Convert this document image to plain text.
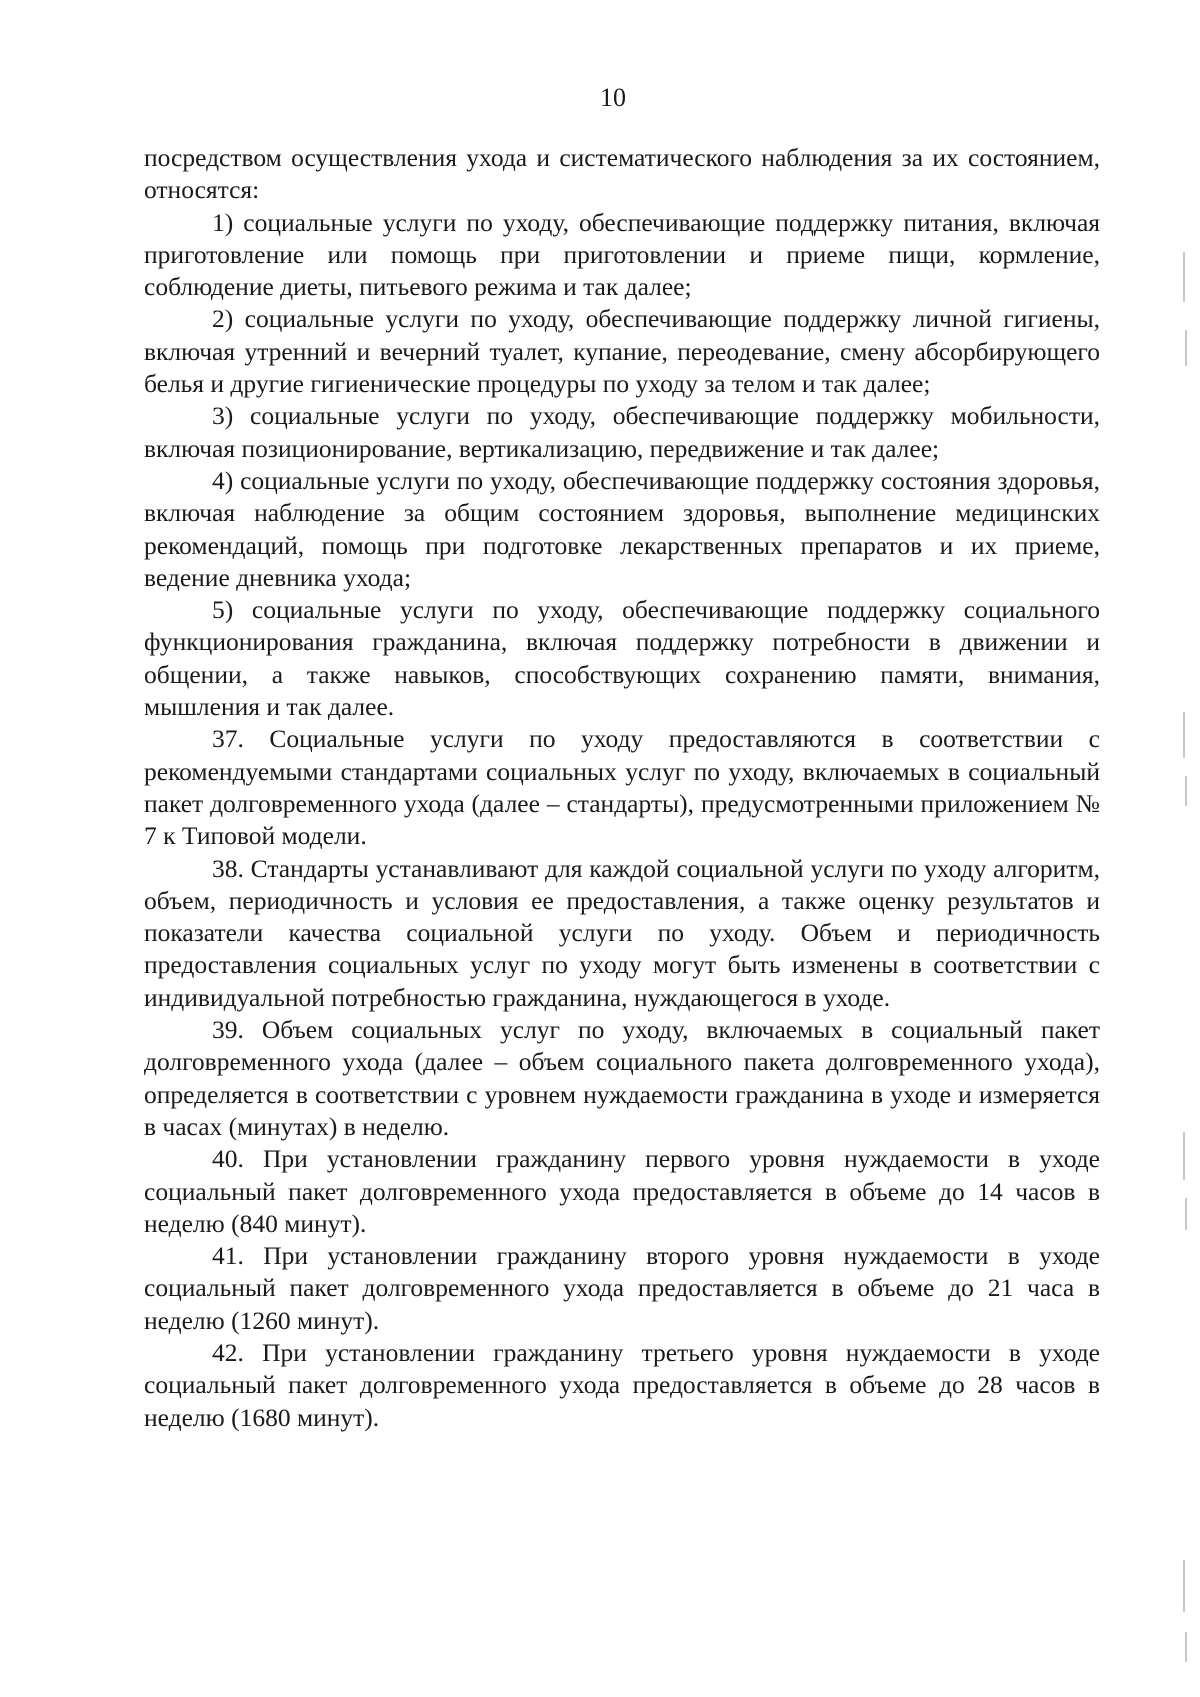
10

посредством осуществления ухода и систематического наблюдения за их состоянием, относятся:

1) социальные услуги по уходу, обеспечивающие поддержку питания, включая приготовление или помощь при приготовлении и приеме пищи, кормление, соблюдение диеты, питьевого режима и так далее;

2) социальные услуги по уходу, обеспечивающие поддержку личной гигиены, включая утренний и вечерний туалет, купание, переодевание, смену абсорбирующего белья и другие гигиенические процедуры по уходу за телом и так далее;

3) социальные услуги по уходу, обеспечивающие поддержку мобильности, включая позиционирование, вертикализацию, передвижение и так далее;

4) социальные услуги по уходу, обеспечивающие поддержку состояния здоровья, включая наблюдение за общим состоянием здоровья, выполнение медицинских рекомендаций, помощь при подготовке лекарственных препаратов и их приеме, ведение дневника ухода;

5) социальные услуги по уходу, обеспечивающие поддержку социального функционирования гражданина, включая поддержку потребности в движении и общении, а также навыков, способствующих сохранению памяти, внимания, мышления и так далее.

37. Социальные услуги по уходу предоставляются в соответствии с рекомендуемыми стандартами социальных услуг по уходу, включаемых в социальный пакет долговременного ухода (далее – стандарты), предусмотренными приложением № 7 к Типовой модели.

38. Стандарты устанавливают для каждой социальной услуги по уходу алгоритм, объем, периодичность и условия ее предоставления, а также оценку результатов и показатели качества социальной услуги по уходу. Объем и периодичность предоставления социальных услуг по уходу могут быть изменены в соответствии с индивидуальной потребностью гражданина, нуждающегося в уходе.

39. Объем социальных услуг по уходу, включаемых в социальный пакет долговременного ухода (далее – объем социального пакета долговременного ухода), определяется в соответствии с уровнем нуждаемости гражданина в уходе и измеряется в часах (минутах) в неделю.

40. При установлении гражданину первого уровня нуждаемости в уходе социальный пакет долговременного ухода предоставляется в объеме до 14 часов в неделю (840 минут).

41. При установлении гражданину второго уровня нуждаемости в уходе социальный пакет долговременного ухода предоставляется в объеме до 21 часа в неделю (1260 минут).

42. При установлении гражданину третьего уровня нуждаемости в уходе социальный пакет долговременного ухода предоставляется в объеме до 28 часов в неделю (1680 минут).
